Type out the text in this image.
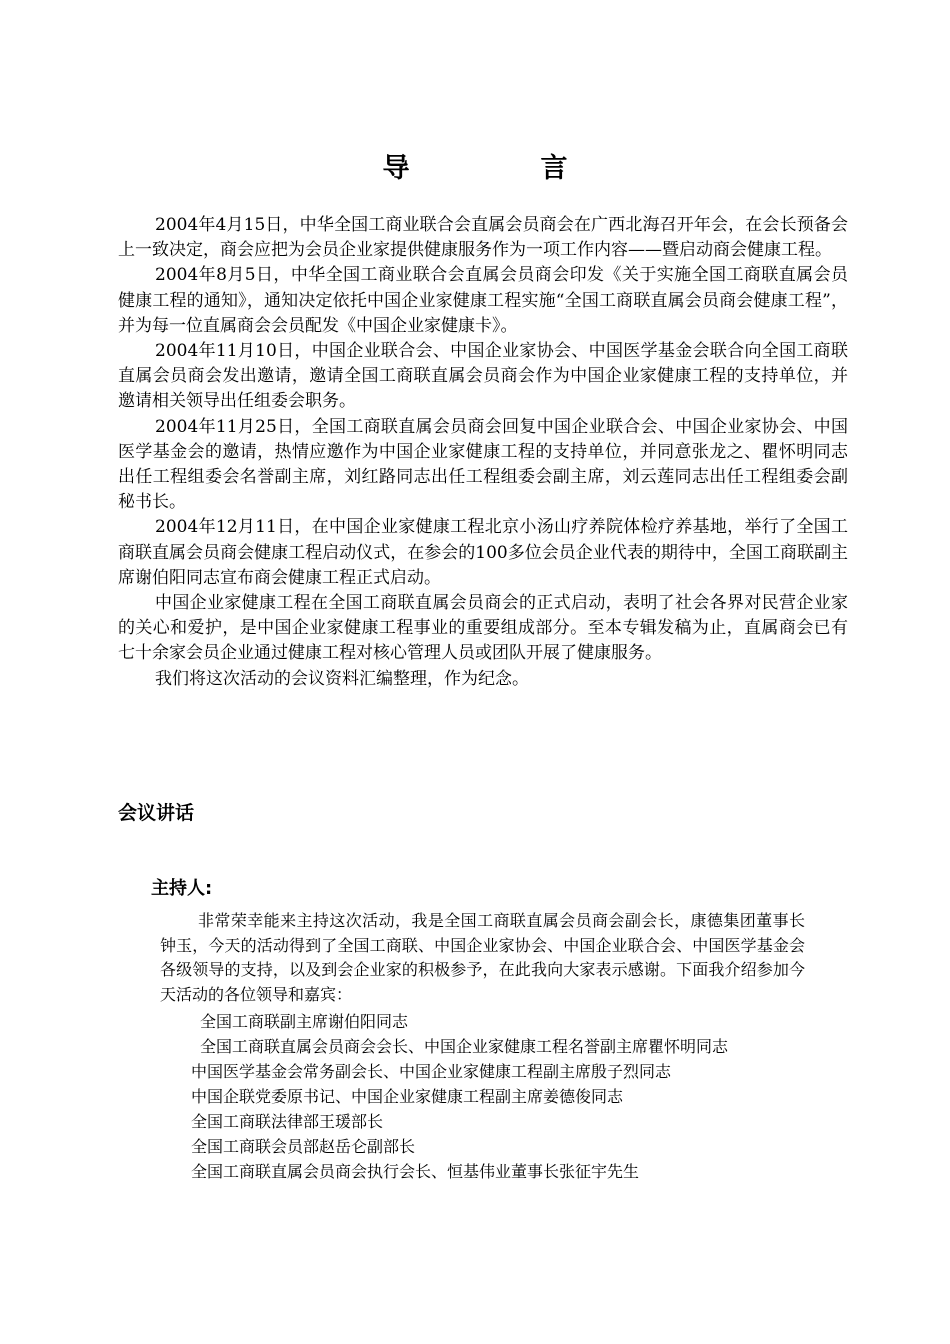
导　言

2004年4月15日，中华全国工商业联合会直属会员商会在广西北海召开年会，在会长预备会上一致决定，商会应把为会员企业家提供健康服务作为一项工作内容——暨启动商会健康工程。

2004年8月5日，中华全国工商业联合会直属会员商会印发《关于实施全国工商联直属会员健康工程的通知》，通知决定依托中国企业家健康工程实施“全国工商联直属会员商会健康工程”，并为每一位直属商会会员配发《中国企业家健康卡》。

2004年11月10日，中国企业联合会、中国企业家协会、中国医学基金会联合向全国工商联直属会员商会发出邀请，邀请全国工商联直属会员商会作为中国企业家健康工程的支持单位，并邀请相关领导出任组委会职务。

2004年11月25日，全国工商联直属会员商会回复中国企业联合会、中国企业家协会、中国医学基金会的邀请，热情应邀作为中国企业家健康工程的支持单位，并同意张龙之、瞿怀明同志出任工程组委会名誉副主席，刘红路同志出任工程组委会副主席，刘云莲同志出任工程组委会副秘书长。

2004年12月11日，在中国企业家健康工程北京小汤山疗养院体检疗养基地，举行了全国工商联直属会员商会健康工程启动仪式，在参会的100多位会员企业代表的期待中，全国工商联副主席谢伯阳同志宣布商会健康工程正式启动。

中国企业家健康工程在全国工商联直属会员商会的正式启动，表明了社会各界对民营企业家的关心和爱护，是中国企业家健康工程事业的重要组成部分。至本专辑发稿为止，直属商会已有七十余家会员企业通过健康工程对核心管理人员或团队开展了健康服务。

我们将这次活动的会议资料汇编整理，作为纪念。

会议讲话
主持人:

非常荣幸能来主持这次活动，我是全国工商联直属会员商会副会长，康德集团董事长钟玉，今天的活动得到了全国工商联、中国企业家协会、中国企业联合会、中国医学基金会各级领导的支持，以及到会企业家的积极参予，在此我向大家表示感谢。下面我介绍参加今天活动的各位领导和嘉宾：

全国工商联副主席谢伯阳同志
全国工商联直属会员商会会长、中国企业家健康工程名誉副主席瞿怀明同志
中国医学基金会常务副会长、中国企业家健康工程副主席殷子烈同志
中国企联党委原书记、中国企业家健康工程副主席姜德俊同志
全国工商联法律部王瑗部长
全国工商联会员部赵岳仑副部长
全国工商联直属会员商会执行会长、恒基伟业董事长张征宇先生
